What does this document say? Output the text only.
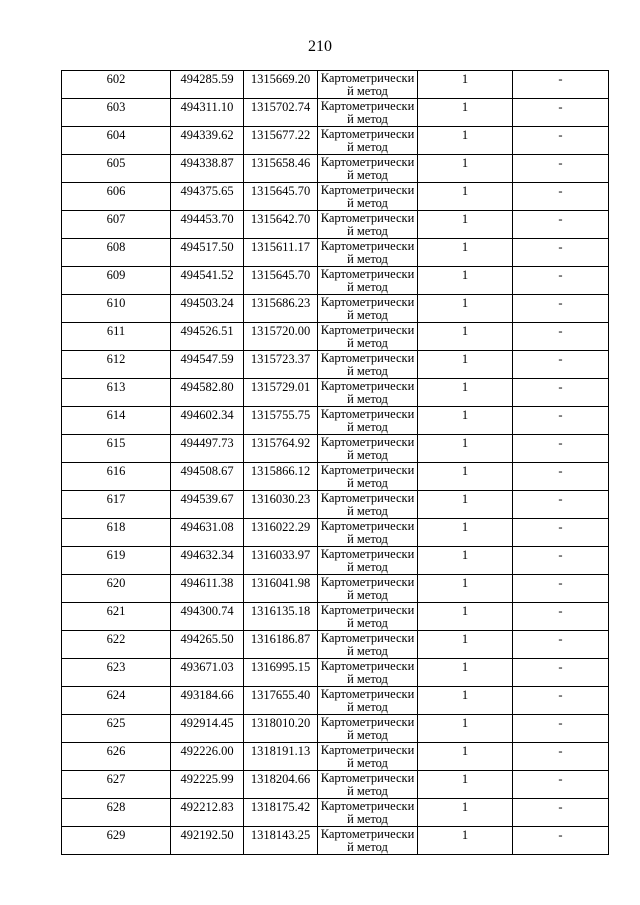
210
602	494285.59	1315669.20	Картометрический метод	1	-
603	494311.10	1315702.74	Картометрический метод	1	-
604	494339.62	1315677.22	Картометрический метод	1	-
605	494338.87	1315658.46	Картометрический метод	1	-
606	494375.65	1315645.70	Картометрический метод	1	-
607	494453.70	1315642.70	Картометрический метод	1	-
608	494517.50	1315611.17	Картометрический метод	1	-
609	494541.52	1315645.70	Картометрический метод	1	-
610	494503.24	1315686.23	Картометрический метод	1	-
611	494526.51	1315720.00	Картометрический метод	1	-
612	494547.59	1315723.37	Картометрический метод	1	-
613	494582.80	1315729.01	Картометрический метод	1	-
614	494602.34	1315755.75	Картометрический метод	1	-
615	494497.73	1315764.92	Картометрический метод	1	-
616	494508.67	1315866.12	Картометрический метод	1	-
617	494539.67	1316030.23	Картометрический метод	1	-
618	494631.08	1316022.29	Картометрический метод	1	-
619	494632.34	1316033.97	Картометрический метод	1	-
620	494611.38	1316041.98	Картометрический метод	1	-
621	494300.74	1316135.18	Картометрический метод	1	-
622	494265.50	1316186.87	Картометрический метод	1	-
623	493671.03	1316995.15	Картометрический метод	1	-
624	493184.66	1317655.40	Картометрический метод	1	-
625	492914.45	1318010.20	Картометрический метод	1	-
626	492226.00	1318191.13	Картометрический метод	1	-
627	492225.99	1318204.66	Картометрический метод	1	-
628	492212.83	1318175.42	Картометрический метод	1	-
629	492192.50	1318143.25	Картометрический метод	1	-
